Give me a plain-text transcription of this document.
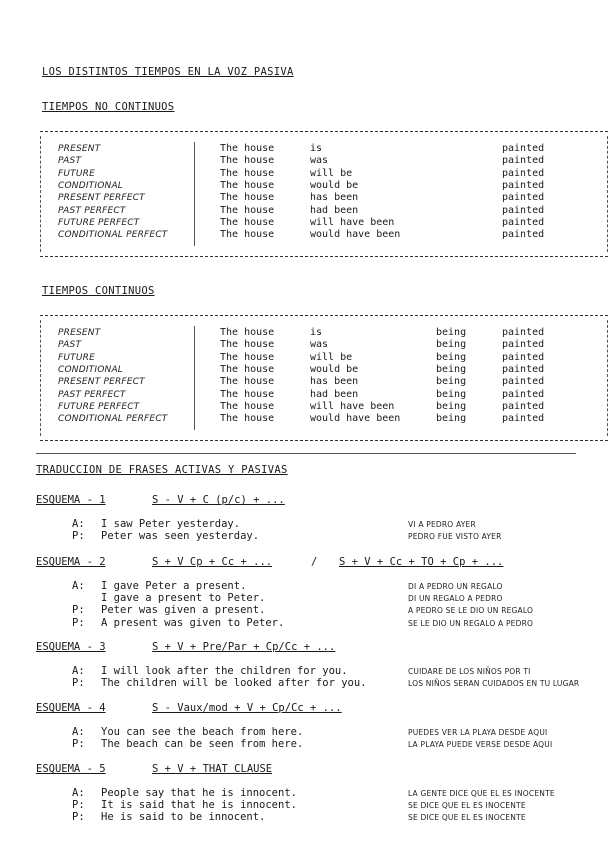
LOS DISTINTOS TIEMPOS EN LA VOZ PASIVA
TIEMPOS NO CONTINUOS
PRESENT	The house	is	painted
PAST	The house	was	painted
FUTURE	The house	will be	painted
CONDITIONAL	The house	would be	painted
PRESENT PERFECT	The house	has been	painted
PAST PERFECT	The house	had been	painted
FUTURE PERFECT	The house	will have been	painted
CONDITIONAL PERFECT	The house	would have been	painted
TIEMPOS CONTINUOS
PRESENT	The house	is	being	painted
PAST	The house	was	being	painted
FUTURE	The house	will be	being	painted
CONDITIONAL	The house	would be	being	painted
PRESENT PERFECT	The house	has been	being	painted
PAST PERFECT	The house	had been	being	painted
FUTURE PERFECT	The house	will have been	being	painted
CONDITIONAL PERFECT	The house	would have been	being	painted
TRADUCCION DE FRASES ACTIVAS Y PASIVAS
ESQUEMA - 1	S - V + C (p/c) + ...
A: I saw Peter yesterday.	VI A PEDRO AYER
P: Peter was seen yesterday.	PEDRO FUE VISTO AYER
ESQUEMA - 2	S + V Cp + Cc + ...	/ S + V + Cc + TO + Cp + ...
A: I gave Peter a present.	DI A PEDRO UN REGALO
I gave a present to Peter.	DI UN REGALO A PEDRO
P: Peter was given a present.	A PEDRO SE LE DIO UN REGALO
P: A present was given to Peter.	SE LE DIO UN REGALO A PEDRO
ESQUEMA - 3	S + V + Pre/Par + Cp/Cc + ...
A: I will look after the children for you.	CUIDARE DE LOS NIÑOS POR TI
P: The children will be looked after for you.	LOS NIÑOS SERAN CUIDADOS EN TU LUGAR
ESQUEMA - 4	S - Vaux/mod + V + Cp/Cc + ...
A: You can see the beach from here.	PUEDES VER LA PLAYA DESDE AQUI
P: The beach can be seen from here.	LA PLAYA PUEDE VERSE DESDE AQUI
ESQUEMA - 5	S + V + THAT CLAUSE
A: People say that he is innocent.	LA GENTE DICE QUE EL ES INOCENTE
P: It is said that he is innocent.	SE DICE QUE EL ES INOCENTE
P: He is said to be innocent.	SE DICE QUE EL ES INOCENTE
